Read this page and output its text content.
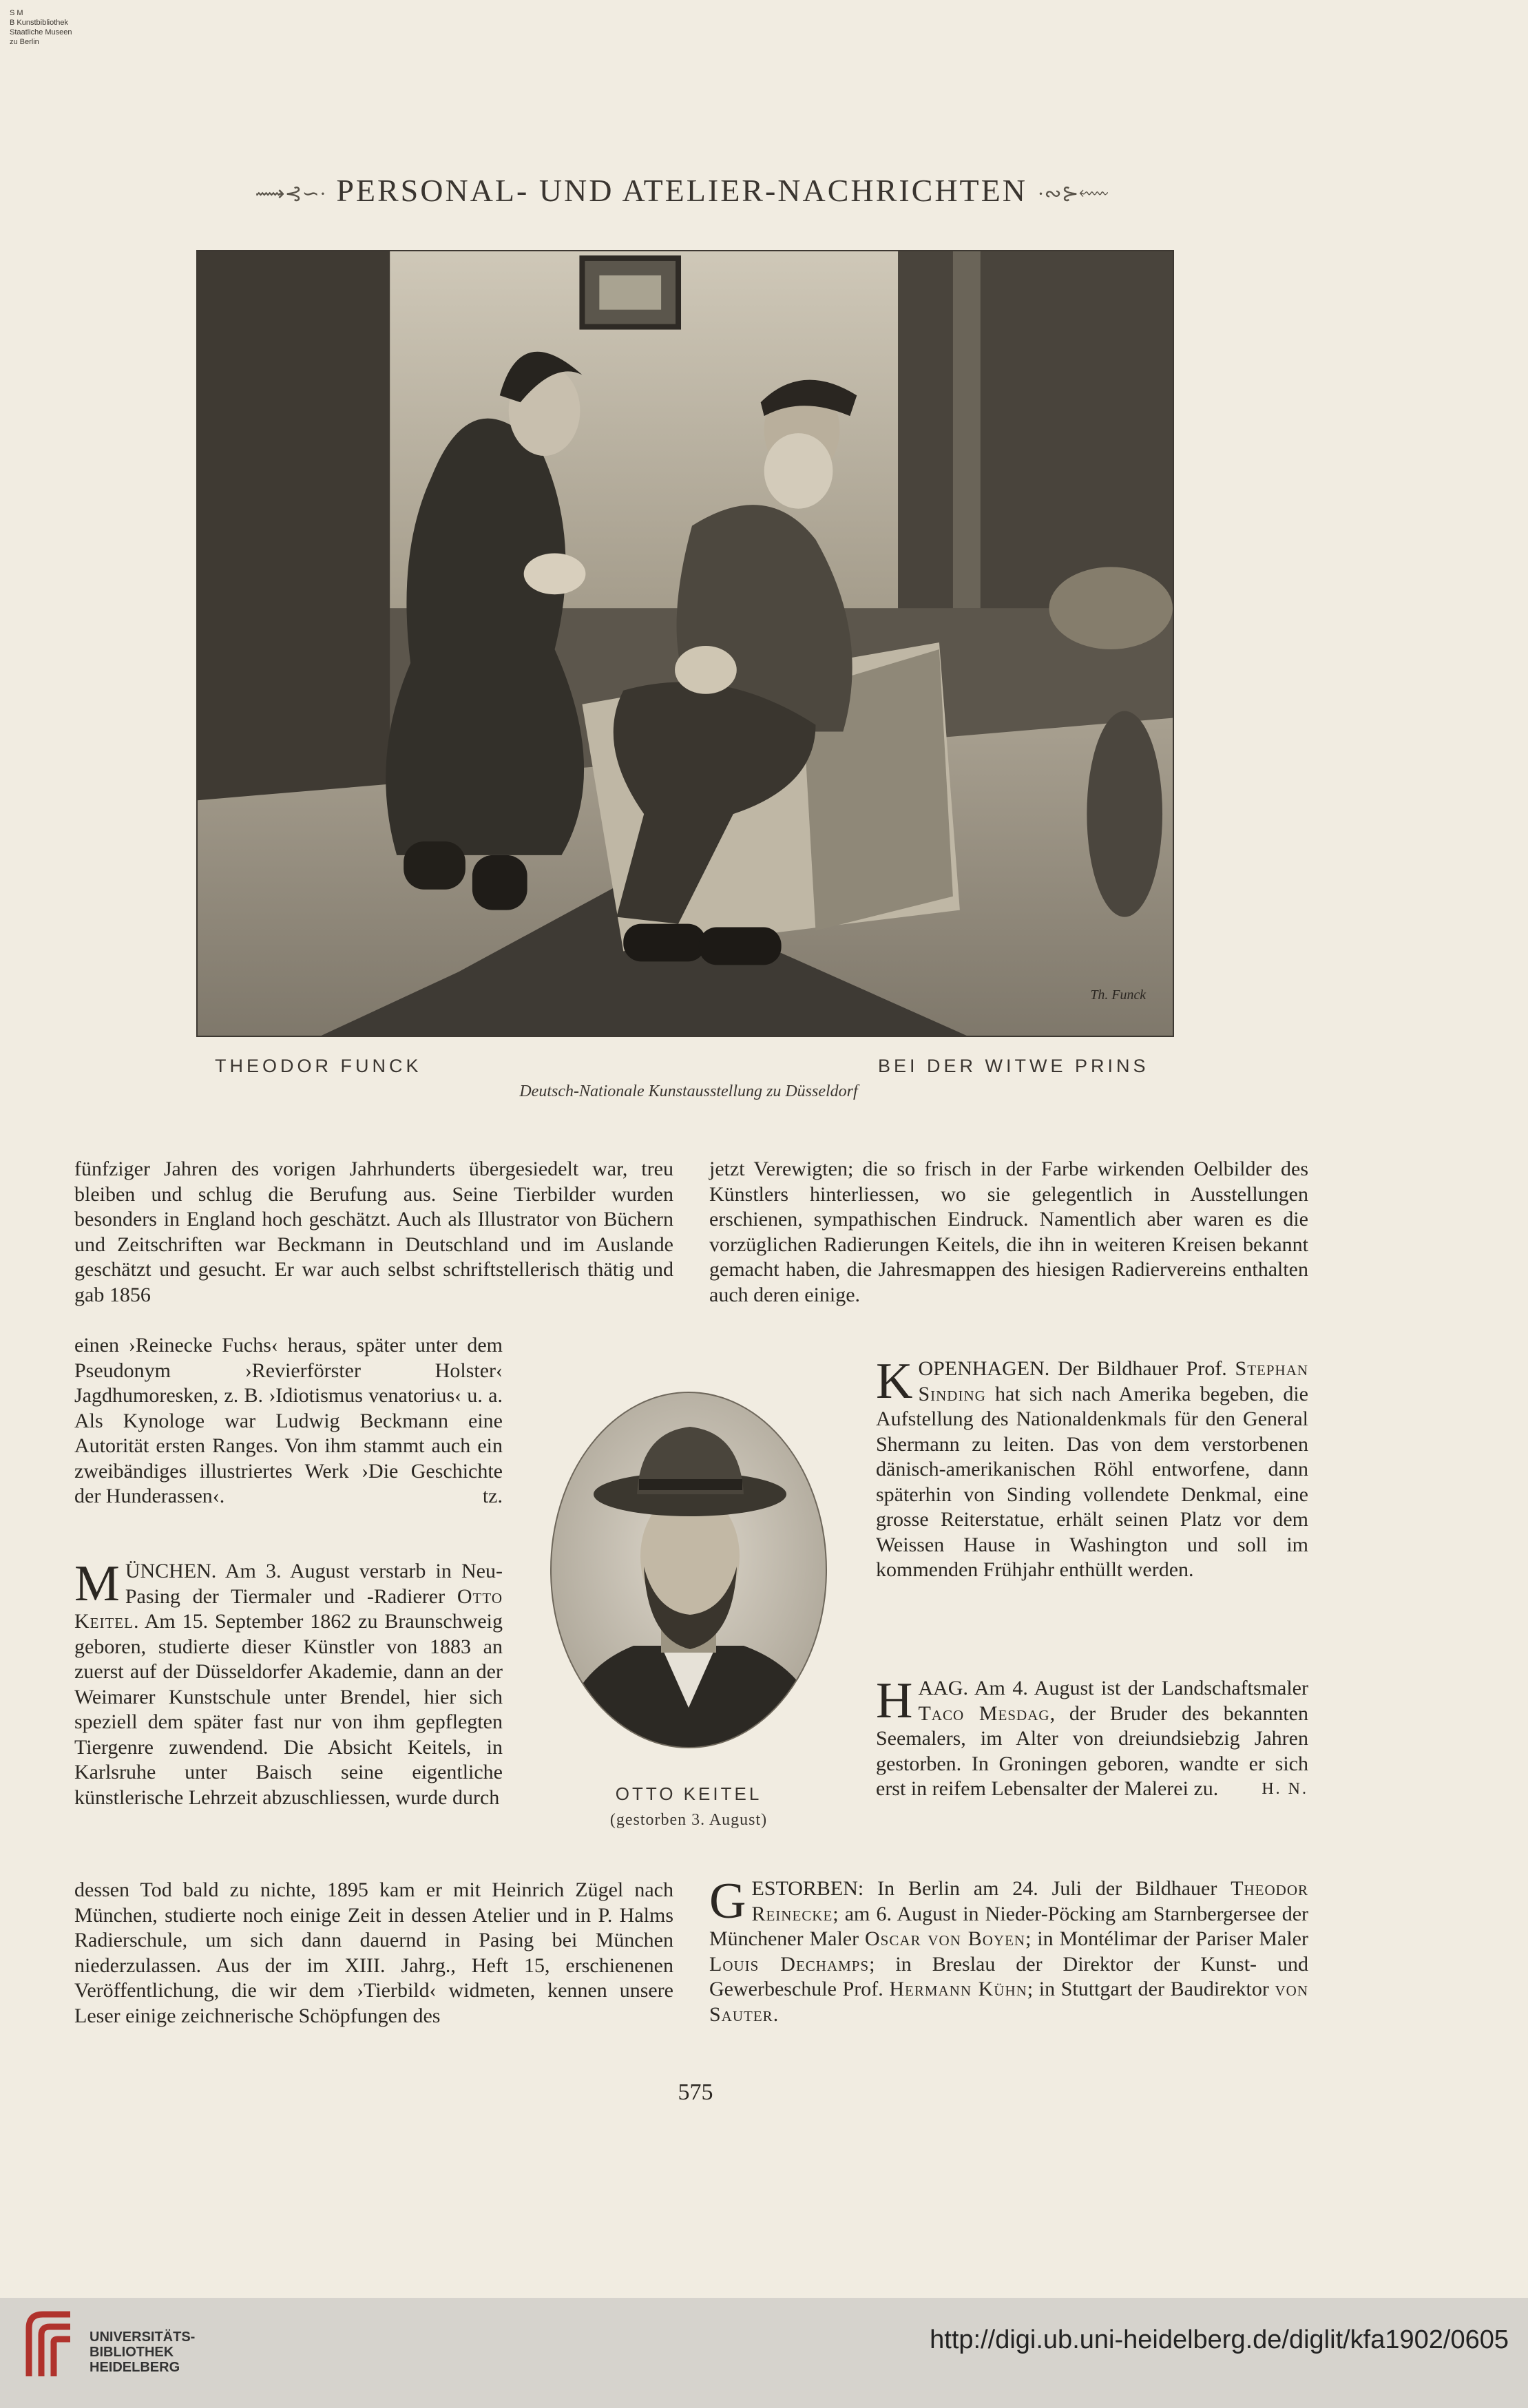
S M
B Kunstbibliothek
Staatliche Museen
zu Berlin
⟿⊰∽· PERSONAL- UND ATELIER-NACHRICHTEN ·∾⊱⬳
Th. Funck
THEODOR FUNCK	BEI DER WITWE PRINS
Deutsch-Nationale Kunstausstellung zu Düsseldorf
fünfziger Jahren des vorigen Jahrhunderts übergesiedelt war, treu bleiben und schlug die Berufung aus. Seine Tierbilder wurden besonders in England hoch geschätzt. Auch als Illustrator von Büchern und Zeitschriften war Beckmann in Deutschland und im Auslande geschätzt und gesucht. Er war auch selbst schriftstellerisch thätig und gab 1856
einen ›Reinecke Fuchs‹ heraus, später unter dem Pseudonym ›Revierförster Holster‹ Jagdhumoresken, z. B. ›Idiotismus venatorius‹ u. a. Als Kynologe war Ludwig Beckmann eine Autorität ersten Ranges. Von ihm stammt auch ein zweibändiges illustriertes Werk ›Die Geschichte der Hunderassen‹.	tz.
M ÜNCHEN. Am 3. August verstarb in Neu-Pasing der Tiermaler und -Radierer Otto Keitel. Am 15. September 1862 zu Braunschweig geboren, studierte dieser Künstler von 1883 an zuerst auf der Düsseldorfer Akademie, dann an der Weimarer Kunstschule unter Brendel, hier sich speziell dem später fast nur von ihm gepflegten Tiergenre zuwendend. Die Absicht Keitels, in Karlsruhe unter Baisch seine eigentliche künstlerische Lehrzeit abzuschliessen, wurde durch
dessen Tod bald zu nichte, 1895 kam er mit Heinrich Zügel nach München, studierte noch einige Zeit in dessen Atelier und in P. Halms Radierschule, um sich dann dauernd in Pasing bei München niederzulassen. Aus der im XIII. Jahrg., Heft 15, erschienenen Veröffentlichung, die wir dem ›Tierbild‹ widmeten, kennen unsere Leser einige zeichnerische Schöpfungen des
OTTO KEITEL
(gestorben 3. August)
jetzt Verewigten; die so frisch in der Farbe wirkenden Oelbilder des Künstlers hinterliessen, wo sie gelegentlich in Ausstellungen erschienen, sympathischen Eindruck. Namentlich aber waren es die vorzüglichen Radierungen Keitels, die ihn in weiteren Kreisen bekannt gemacht haben, die Jahresmappen des hiesigen Radiervereins enthalten auch deren einige.
K OPENHAGEN. Der Bildhauer Prof. Stephan Sinding hat sich nach Amerika begeben, die Aufstellung des Nationaldenkmals für den General Shermann zu leiten. Das von dem verstorbenen dänisch-amerikanischen Röhl entworfene, dann späterhin von Sinding vollendete Denkmal, eine grosse Reiterstatue, erhält seinen Platz vor dem Weissen Hause in Washington und soll im kommenden Frühjahr enthüllt werden.
H AAG. Am 4. August ist der Landschaftsmaler Taco Mesdag, der Bruder des bekannten Seemalers, im Alter von dreiundsiebzig Jahren gestorben. In Groningen geboren, wandte er sich erst in reifem Lebensalter der Malerei zu.	H. N.
G ESTORBEN: In Berlin am 24. Juli der Bildhauer Theodor Reinecke; am 6. August in Nieder-Pöcking am Starnbergersee der Münchener Maler Oscar von Boyen; in Montélimar der Pariser Maler Louis Dechamps; in Breslau der Direktor der Kunst- und Gewerbeschule Prof. Hermann Kühn; in Stuttgart der Baudirektor von Sauter.
575
UNIVERSITÄTS-
BIBLIOTHEK
HEIDELBERG
http://digi.ub.uni-heidelberg.de/diglit/kfa1902/0605
